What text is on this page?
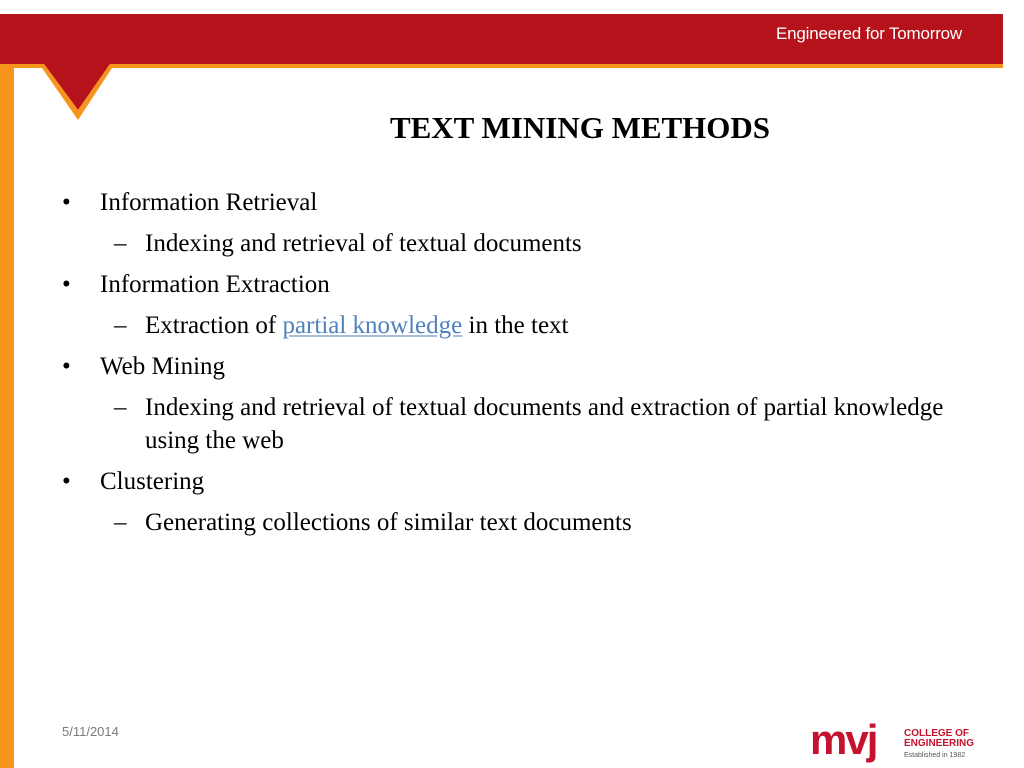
Engineered for Tomorrow
TEXT MINING METHODS
• Information Retrieval
– Indexing and retrieval of textual documents
• Information Extraction
– Extraction of partial knowledge in the text
• Web Mining
– Indexing and retrieval of textual documents and extraction of partial knowledge using the web
• Clustering
– Generating collections of similar text documents
5/11/2014	mvj	COLLEGE OF
ENGINEERING
Established in 1982
